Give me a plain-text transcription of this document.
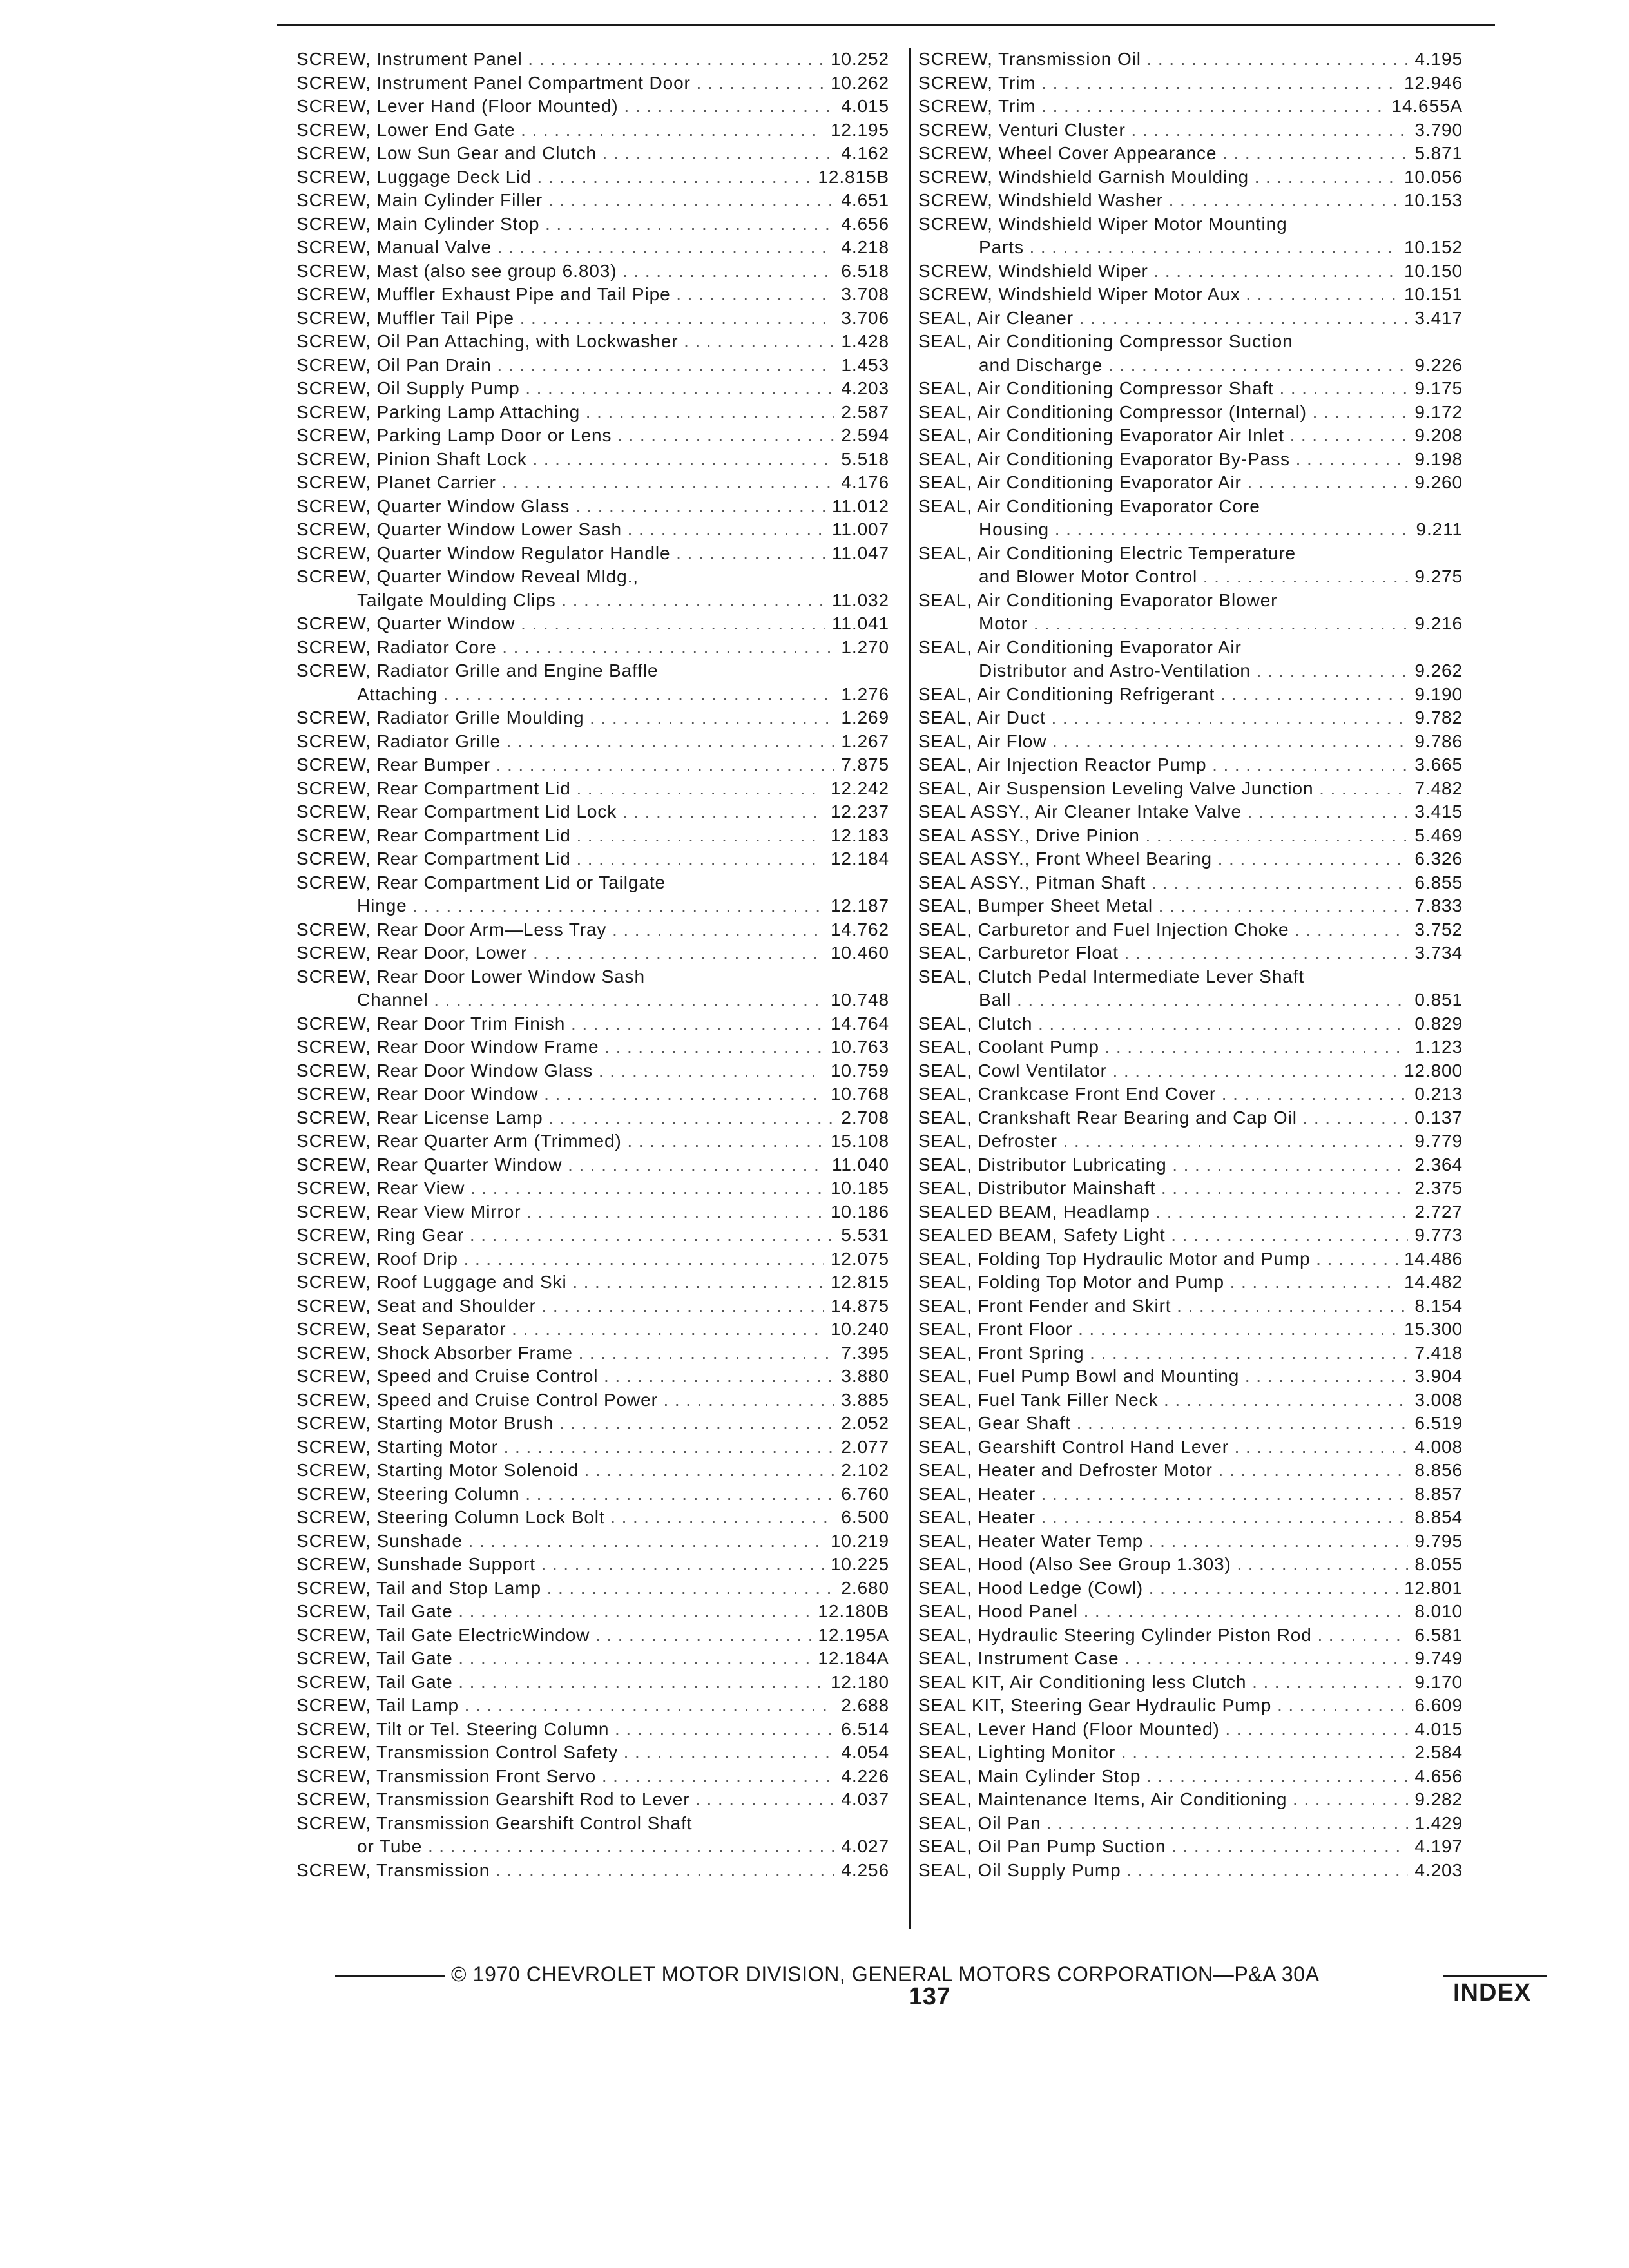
SCREW, Instrument Panel . . .	10.252
SCREW, Instrument Panel Compartment Door . . .	10.262
SCREW, Lever Hand (Floor Mounted) . . .	4.015
SCREW, Lower End Gate . . .	12.195
SCREW, Low Sun Gear and Clutch . . .	4.162
SCREW, Luggage Deck Lid . . .	12.815B
SCREW, Main Cylinder Filler . . .	4.651
SCREW, Main Cylinder Stop . . .	4.656
SCREW, Manual Valve . . .	4.218
SCREW, Mast (also see group 6.803) . . .	6.518
SCREW, Muffler Exhaust Pipe and Tail Pipe . . .	3.708
SCREW, Muffler Tail Pipe . . .	3.706
SCREW, Oil Pan Attaching, with Lockwasher . . .	1.428
SCREW, Oil Pan Drain . . .	1.453
SCREW, Oil Supply Pump . . .	4.203
SCREW, Parking Lamp Attaching . . .	2.587
SCREW, Parking Lamp Door or Lens . . .	2.594
SCREW, Pinion Shaft Lock . . .	5.518
SCREW, Planet Carrier . . .	4.176
SCREW, Quarter Window Glass . . .	11.012
SCREW, Quarter Window Lower Sash . . .	11.007
SCREW, Quarter Window Regulator Handle . . .	11.047
SCREW, Quarter Window Reveal Mldg.,
Tailgate Moulding Clips . . .	11.032
SCREW, Quarter Window . . .	11.041
SCREW, Radiator Core . . .	1.270
SCREW, Radiator Grille and Engine Baffle
Attaching . . .	1.276
SCREW, Radiator Grille Moulding . . .	1.269
SCREW, Radiator Grille . . .	1.267
SCREW, Rear Bumper . . .	7.875
SCREW, Rear Compartment Lid . . .	12.242
SCREW, Rear Compartment Lid Lock . . .	12.237
SCREW, Rear Compartment Lid . . .	12.183
SCREW, Rear Compartment Lid . . .	12.184
SCREW, Rear Compartment Lid or Tailgate
Hinge . . .	12.187
SCREW, Rear Door Arm—Less Tray . . .	14.762
SCREW, Rear Door, Lower . . .	10.460
SCREW, Rear Door Lower Window Sash
Channel . . .	10.748
SCREW, Rear Door Trim Finish . . .	14.764
SCREW, Rear Door Window Frame . . .	10.763
SCREW, Rear Door Window Glass . . .	10.759
SCREW, Rear Door Window . . .	10.768
SCREW, Rear License Lamp . . .	2.708
SCREW, Rear Quarter Arm (Trimmed) . . .	15.108
SCREW, Rear Quarter Window . . .	11.040
SCREW, Rear View . . .	10.185
SCREW, Rear View Mirror . . .	10.186
SCREW, Ring Gear . . .	5.531
SCREW, Roof Drip . . .	12.075
SCREW, Roof Luggage and Ski . . .	12.815
SCREW, Seat and Shoulder . . .	14.875
SCREW, Seat Separator . . .	10.240
SCREW, Shock Absorber Frame . . .	7.395
SCREW, Speed and Cruise Control . . .	3.880
SCREW, Speed and Cruise Control Power . . .	3.885
SCREW, Starting Motor Brush . . .	2.052
SCREW, Starting Motor . . .	2.077
SCREW, Starting Motor Solenoid . . .	2.102
SCREW, Steering Column . . .	6.760
SCREW, Steering Column Lock Bolt . . .	6.500
SCREW, Sunshade . . .	10.219
SCREW, Sunshade Support . . .	10.225
SCREW, Tail and Stop Lamp . . .	2.680
SCREW, Tail Gate . . .	12.180B
SCREW, Tail Gate ElectricWindow . . .	12.195A
SCREW, Tail Gate . . .	12.184A
SCREW, Tail Gate . . .	12.180
SCREW, Tail Lamp . . .	2.688
SCREW, Tilt or Tel. Steering Column . . .	6.514
SCREW, Transmission Control Safety . . .	4.054
SCREW, Transmission Front Servo . . .	4.226
SCREW, Transmission Gearshift Rod to Lever . . .	4.037
SCREW, Transmission Gearshift Control Shaft
or Tube . . .	4.027
SCREW, Transmission . . .	4.256
SCREW, Transmission Oil . . .	4.195
SCREW, Trim . . .	12.946
SCREW, Trim . . .	14.655A
SCREW, Venturi Cluster . . .	3.790
SCREW, Wheel Cover Appearance . . .	5.871
SCREW, Windshield Garnish Moulding . . .	10.056
SCREW, Windshield Washer . . .	10.153
SCREW, Windshield Wiper Motor Mounting
Parts . . .	10.152
SCREW, Windshield Wiper . . .	10.150
SCREW, Windshield Wiper Motor Aux . . .	10.151
SEAL, Air Cleaner . . .	3.417
SEAL, Air Conditioning Compressor Suction
and Discharge . . .	9.226
SEAL, Air Conditioning Compressor Shaft . . .	9.175
SEAL, Air Conditioning Compressor (Internal) . . .	9.172
SEAL, Air Conditioning Evaporator Air Inlet . . .	9.208
SEAL, Air Conditioning Evaporator By-Pass . . .	9.198
SEAL, Air Conditioning Evaporator Air . . .	9.260
SEAL, Air Conditioning Evaporator Core
Housing . . .	9.211
SEAL, Air Conditioning Electric Temperature
and Blower Motor Control . . .	9.275
SEAL, Air Conditioning Evaporator Blower
Motor . . .	9.216
SEAL, Air Conditioning Evaporator Air
Distributor and Astro-Ventilation . . .	9.262
SEAL, Air Conditioning Refrigerant . . .	9.190
SEAL, Air Duct . . .	9.782
SEAL, Air Flow . . .	9.786
SEAL, Air Injection Reactor Pump . . .	3.665
SEAL, Air Suspension Leveling Valve Junction . . .	7.482
SEAL ASSY., Air Cleaner Intake Valve . . .	3.415
SEAL ASSY., Drive Pinion . . .	5.469
SEAL ASSY., Front Wheel Bearing . . .	6.326
SEAL ASSY., Pitman Shaft . . .	6.855
SEAL, Bumper Sheet Metal . . .	7.833
SEAL, Carburetor and Fuel Injection Choke . . .	3.752
SEAL, Carburetor Float . . .	3.734
SEAL, Clutch Pedal Intermediate Lever Shaft
Ball . . .	0.851
SEAL, Clutch . . .	0.829
SEAL, Coolant Pump . . .	1.123
SEAL, Cowl Ventilator . . .	12.800
SEAL, Crankcase Front End Cover . . .	0.213
SEAL, Crankshaft Rear Bearing and Cap Oil . . .	0.137
SEAL, Defroster . . .	9.779
SEAL, Distributor Lubricating . . .	2.364
SEAL, Distributor Mainshaft . . .	2.375
SEALED BEAM, Headlamp . . .	2.727
SEALED BEAM, Safety Light . . .	9.773
SEAL, Folding Top Hydraulic Motor and Pump . . .	14.486
SEAL, Folding Top Motor and Pump . . .	14.482
SEAL, Front Fender and Skirt . . .	8.154
SEAL, Front Floor . . .	15.300
SEAL, Front Spring . . .	7.418
SEAL, Fuel Pump Bowl and Mounting . . .	3.904
SEAL, Fuel Tank Filler Neck . . .	3.008
SEAL, Gear Shaft . . .	6.519
SEAL, Gearshift Control Hand Lever . . .	4.008
SEAL, Heater and Defroster Motor . . .	8.856
SEAL, Heater . . .	8.857
SEAL, Heater . . .	8.854
SEAL, Heater Water Temp . . .	9.795
SEAL, Hood (Also See Group 1.303) . . .	8.055
SEAL, Hood Ledge (Cowl) . . .	12.801
SEAL, Hood Panel . . .	8.010
SEAL, Hydraulic Steering Cylinder Piston Rod . . .	6.581
SEAL, Instrument Case . . .	9.749
SEAL KIT, Air Conditioning less Clutch . . .	9.170
SEAL KIT, Steering Gear Hydraulic Pump . . .	6.609
SEAL, Lever Hand (Floor Mounted) . . .	4.015
SEAL, Lighting Monitor . . .	2.584
SEAL, Main Cylinder Stop . . .	4.656
SEAL, Maintenance Items, Air Conditioning . . .	9.282
SEAL, Oil Pan . . .	1.429
SEAL, Oil Pan Pump Suction . . .	4.197
SEAL, Oil Supply Pump . . .	4.203
© 1970 CHEVROLET MOTOR DIVISION, GENERAL MOTORS CORPORATION—P&A 30A
137	INDEX
